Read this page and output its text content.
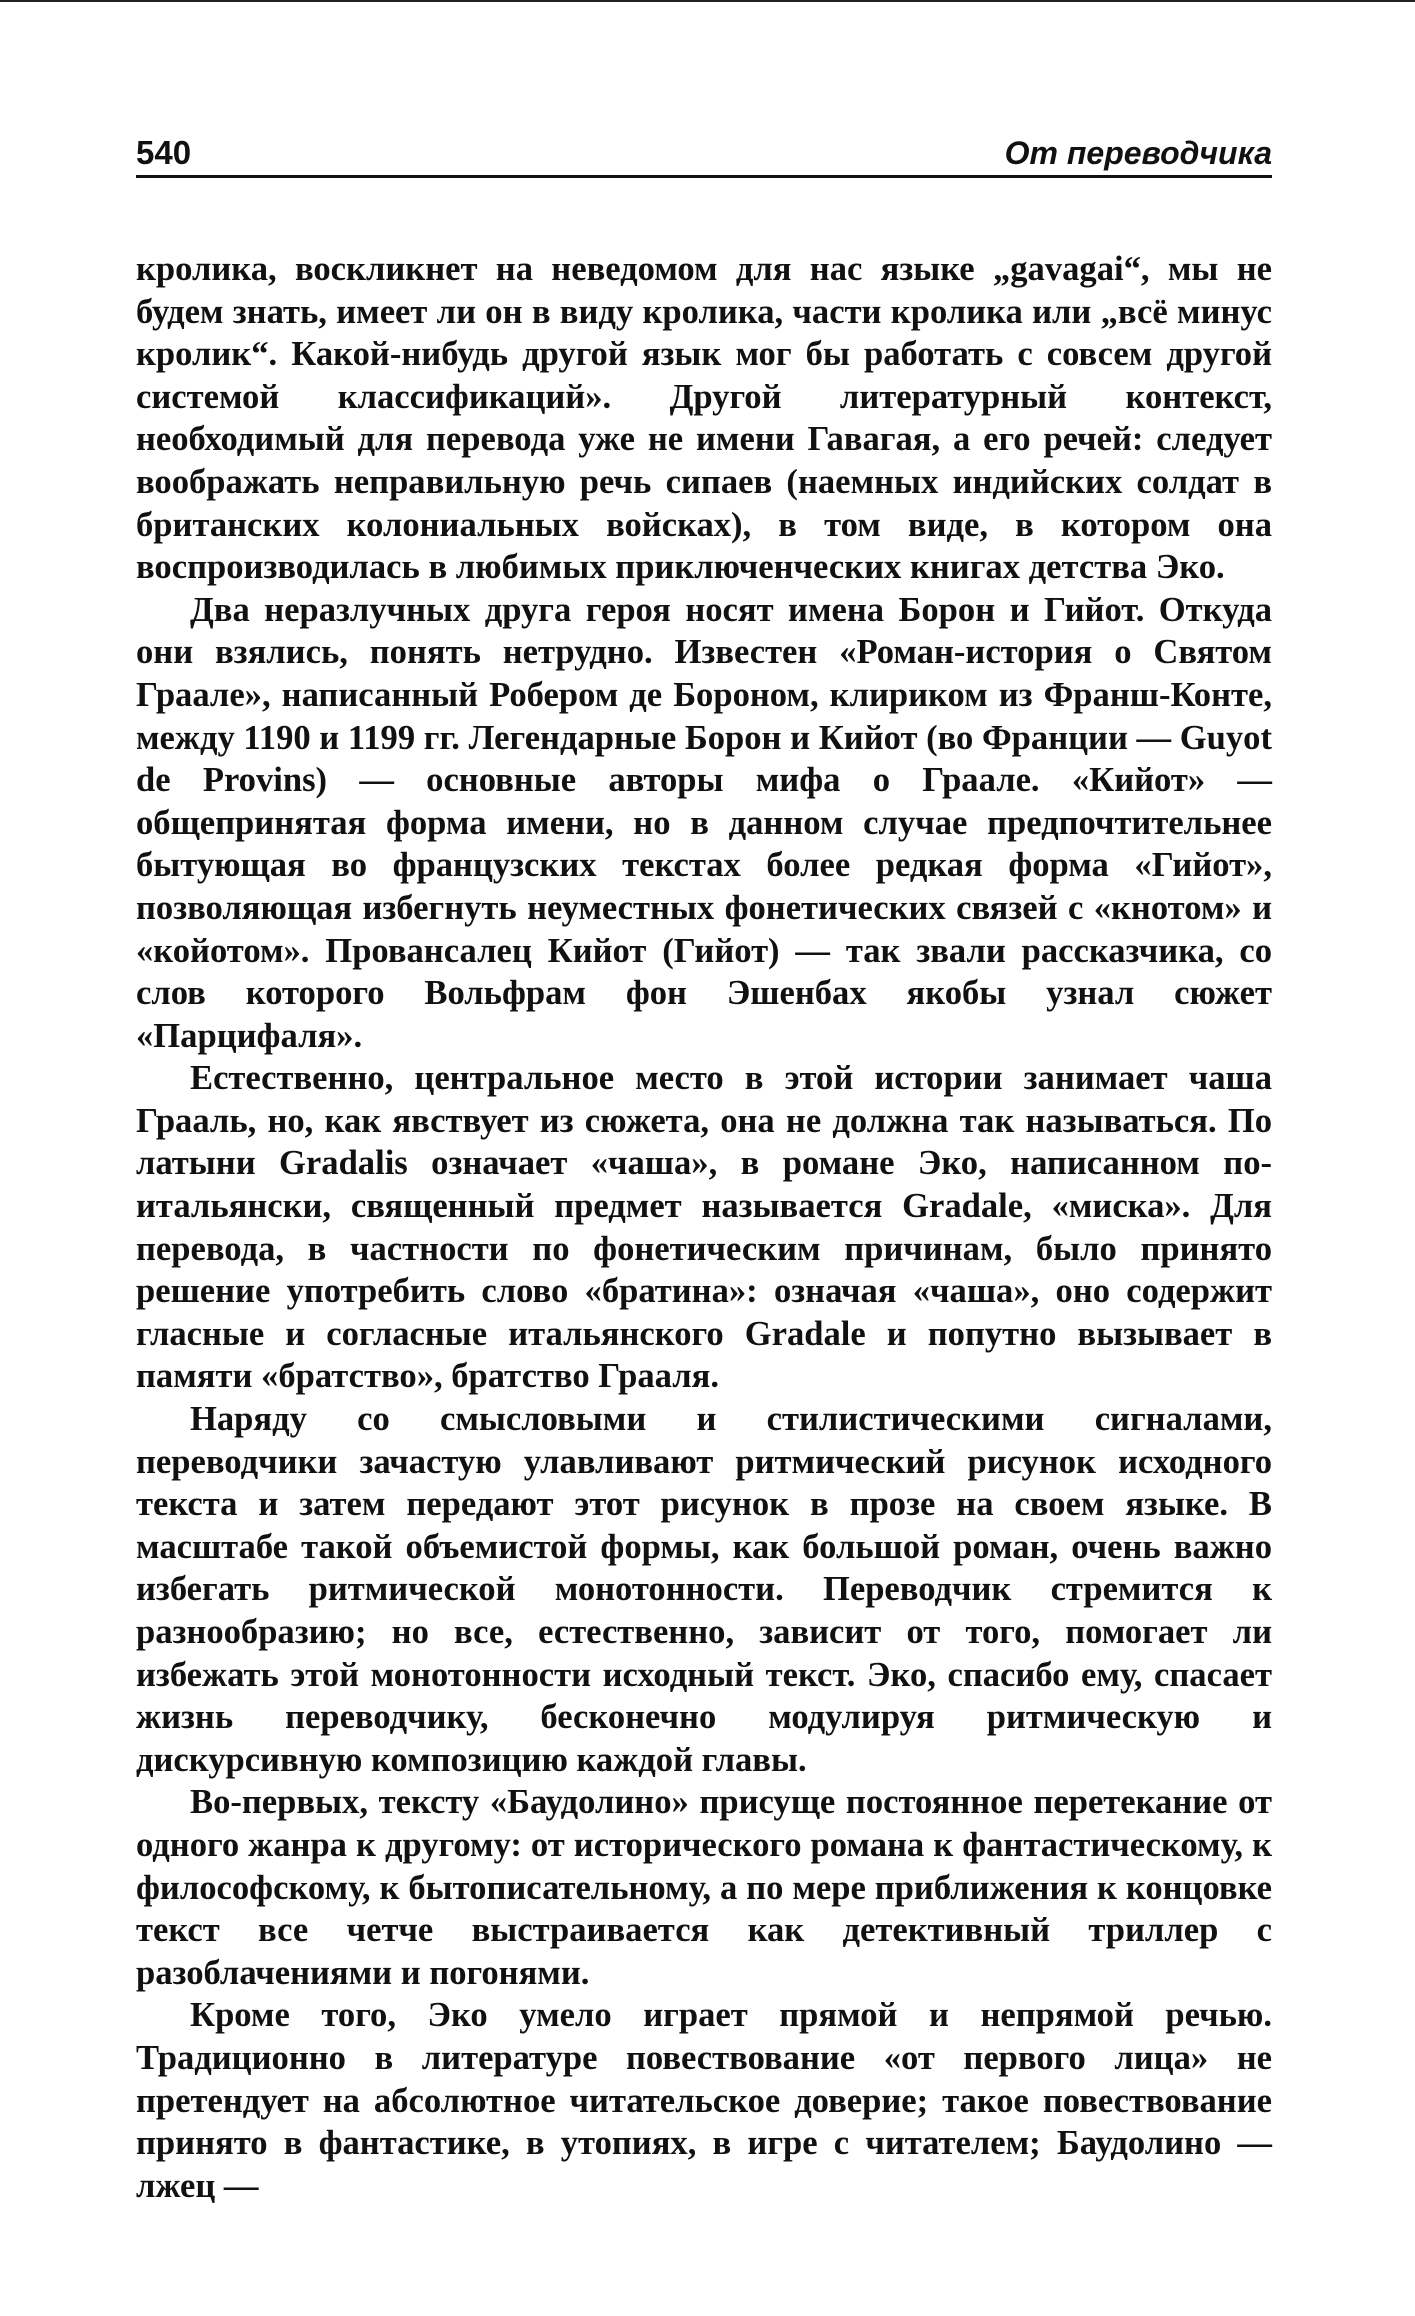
540	От переводчика

кролика, воскликнет на неведомом для нас языке „gavagai“, мы не будем знать, имеет ли он в виду кролика, части кролика или „всё минус кролик“. Какой-нибудь другой язык мог бы работать с совсем другой системой классификаций». Другой литературный контекст, необходимый для перевода уже не имени Гавагая, а его речей: следует воображать неправильную речь сипаев (наемных индийских солдат в британских колониальных войсках), в том виде, в котором она воспроизводилась в любимых приключенческих книгах детства Эко.

Два неразлучных друга героя носят имена Борон и Гийот. Откуда они взялись, понять нетрудно. Известен «Роман-история о Святом Граале», написанный Робером де Бороном, клириком из Франш-Конте, между 1190 и 1199 гг. Легендарные Борон и Кийот (во Франции — Guyot de Provins) — основные авторы мифа о Граале. «Кийот» — общепринятая форма имени, но в данном случае предпочтительнее бытующая во французских текстах более редкая форма «Гийот», позволяющая избегнуть неуместных фонетических связей с «кнотом» и «койотом». Провансалец Кийот (Гийот) — так звали рассказчика, со слов которого Вольфрам фон Эшенбах якобы узнал сюжет «Парцифаля».

Естественно, центральное место в этой истории занимает чаша Грааль, но, как явствует из сюжета, она не должна так называться. По латыни Gradalis означает «чаша», в романе Эко, написанном по-итальянски, священный предмет называется Gradale, «миска». Для перевода, в частности по фонетическим причинам, было принято решение употребить слово «братина»: означая «чаша», оно содержит гласные и согласные итальянского Gradale и попутно вызывает в памяти «братство», братство Грааля.

Наряду со смысловыми и стилистическими сигналами, переводчики зачастую улавливают ритмический рисунок исходного текста и затем передают этот рисунок в прозе на своем языке. В масштабе такой объемистой формы, как большой роман, очень важно избегать ритмической монотонности. Переводчик стремится к разнообразию; но все, естественно, зависит от того, помогает ли избежать этой монотонности исходный текст. Эко, спасибо ему, спасает жизнь переводчику, бесконечно модулируя ритмическую и дискурсивную композицию каждой главы.

Во-первых, тексту «Баудолино» присуще постоянное перетекание от одного жанра к другому: от исторического романа к фантастическому, к философскому, к бытописательному, а по мере приближения к концовке текст все четче выстраивается как детективный триллер с разоблачениями и погонями.

Кроме того, Эко умело играет прямой и непрямой речью. Традиционно в литературе повествование «от первого лица» не претендует на абсолютное читательское доверие; такое повествование принято в фантастике, в утопиях, в игре с читателем; Баудолино — лжец —
